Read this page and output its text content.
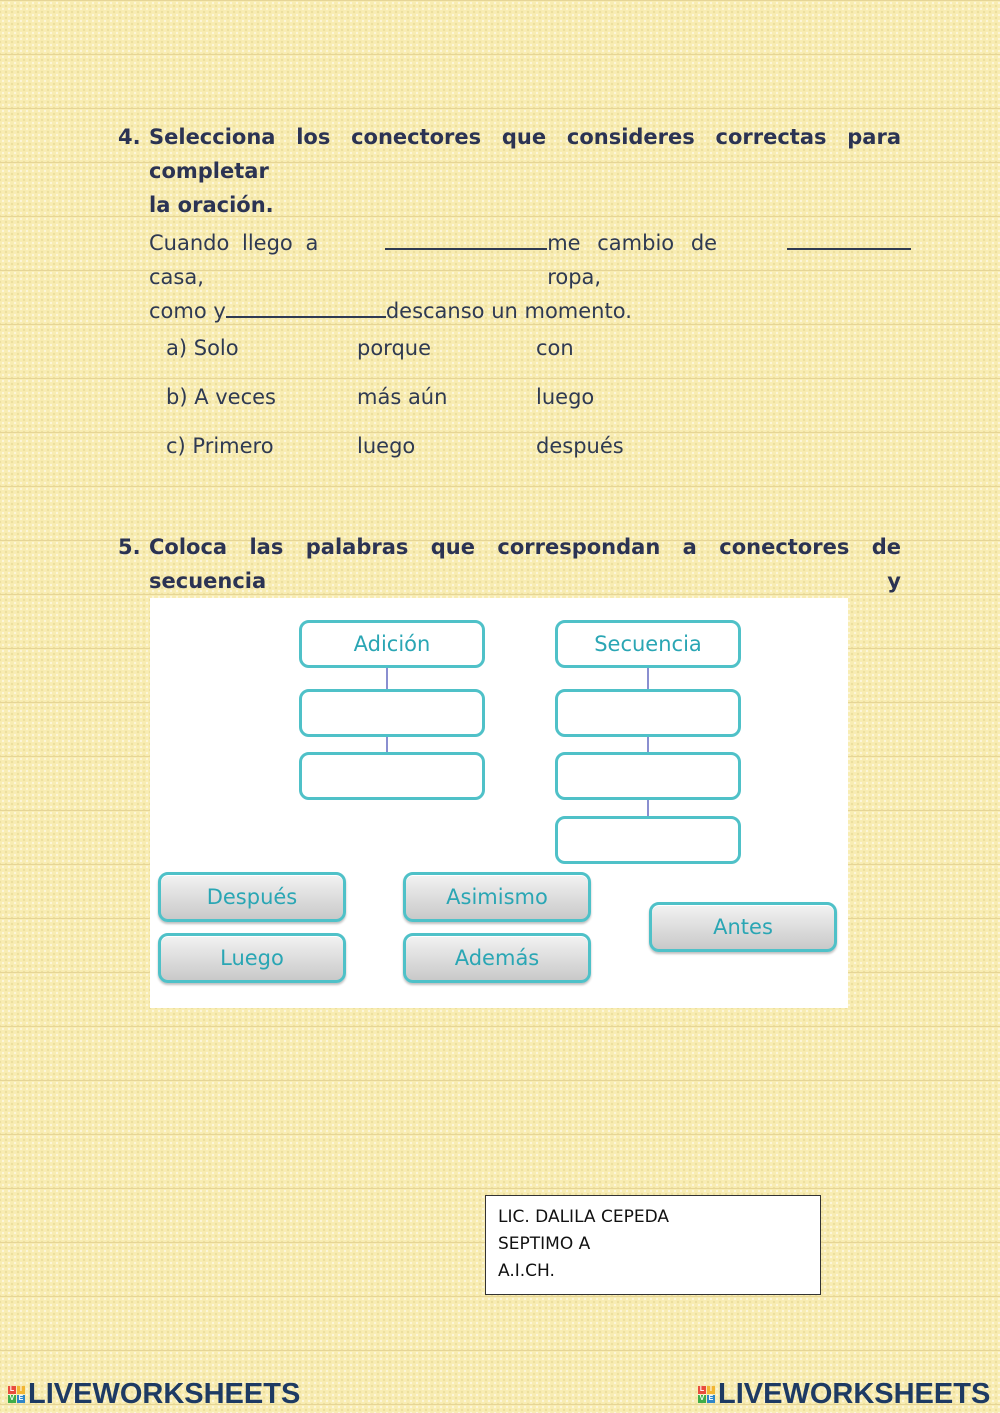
4. Selecciona los conectores que consideres correctas para completar
la oración.
Cuando llego a casa,
me cambio de ropa,
como y	descanso un momento.
a) Solo	porque	con
b) A veces	más aún	luego
c) Primero	luego	después
5. Coloca las palabras que correspondan a conectores de secuencia y
Adición	Secuencia
Después
Luego
Asimismo
Además
Antes
LIC. DALILA CEPEDA
SEPTIMO A
A.I.CH.
L I
V E LIVEWORKSHEETS	L I
V E LIVEWORKSHEETS
